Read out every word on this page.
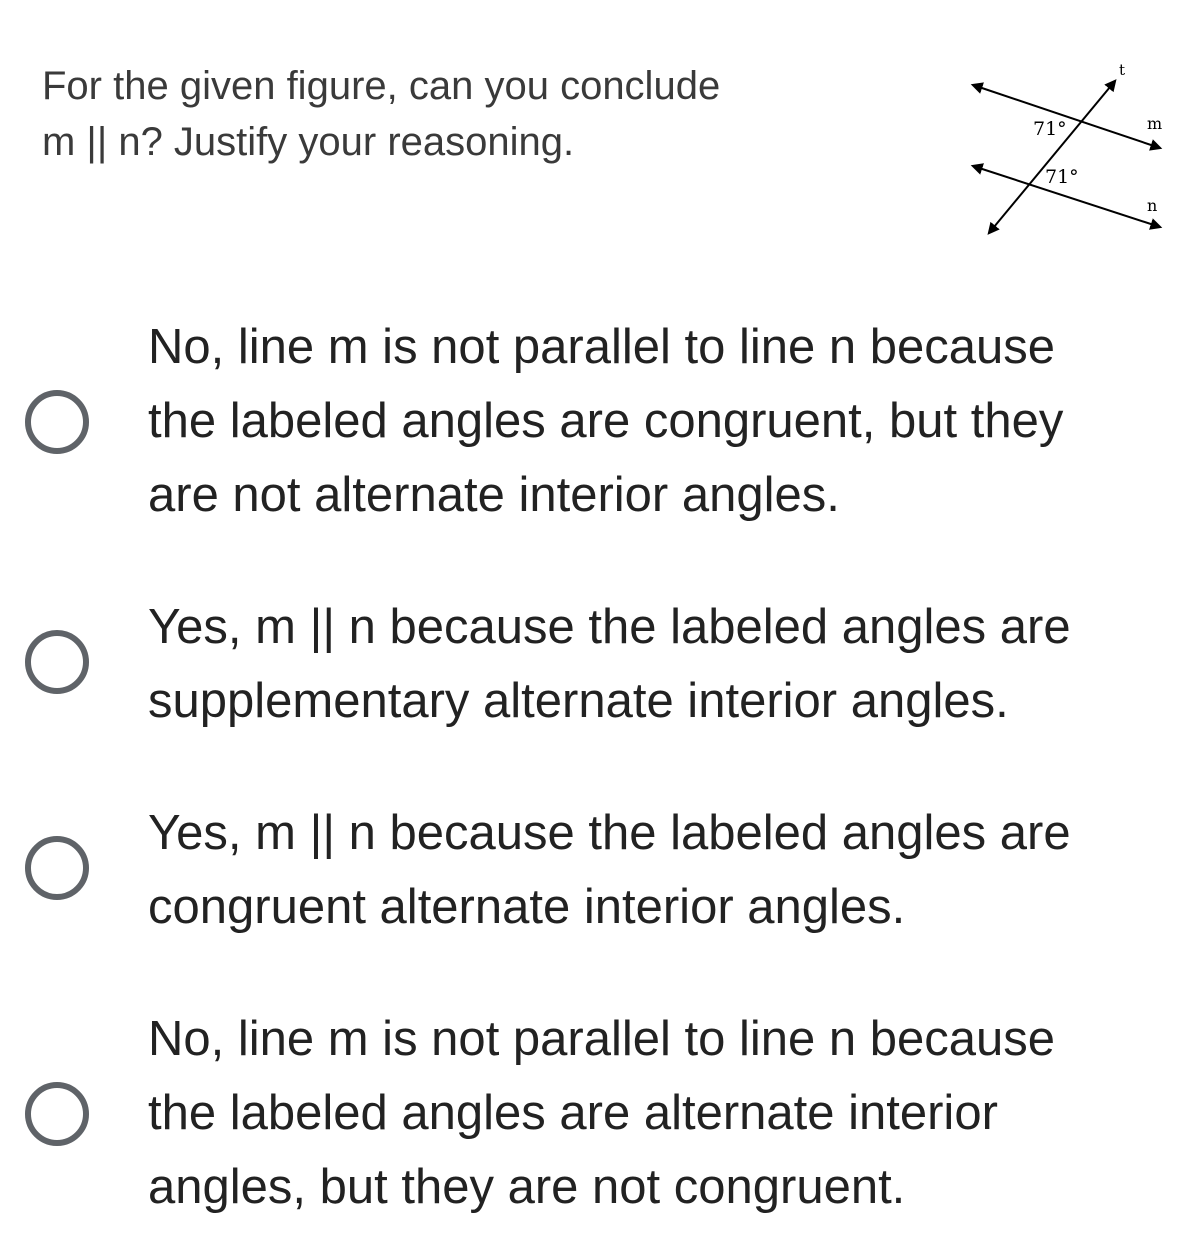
For the given figure, can you conclude
m || n? Justify your reasoning.
t
m
n
71°
71°
No, line m is not parallel to line n because
the labeled angles are congruent, but they
are not alternate interior angles.
Yes, m || n because the labeled angles are
supplementary alternate interior angles.
Yes, m || n because the labeled angles are
congruent alternate interior angles.
No, line m is not parallel to line n because
the labeled angles are alternate interior
angles, but they are not congruent.
